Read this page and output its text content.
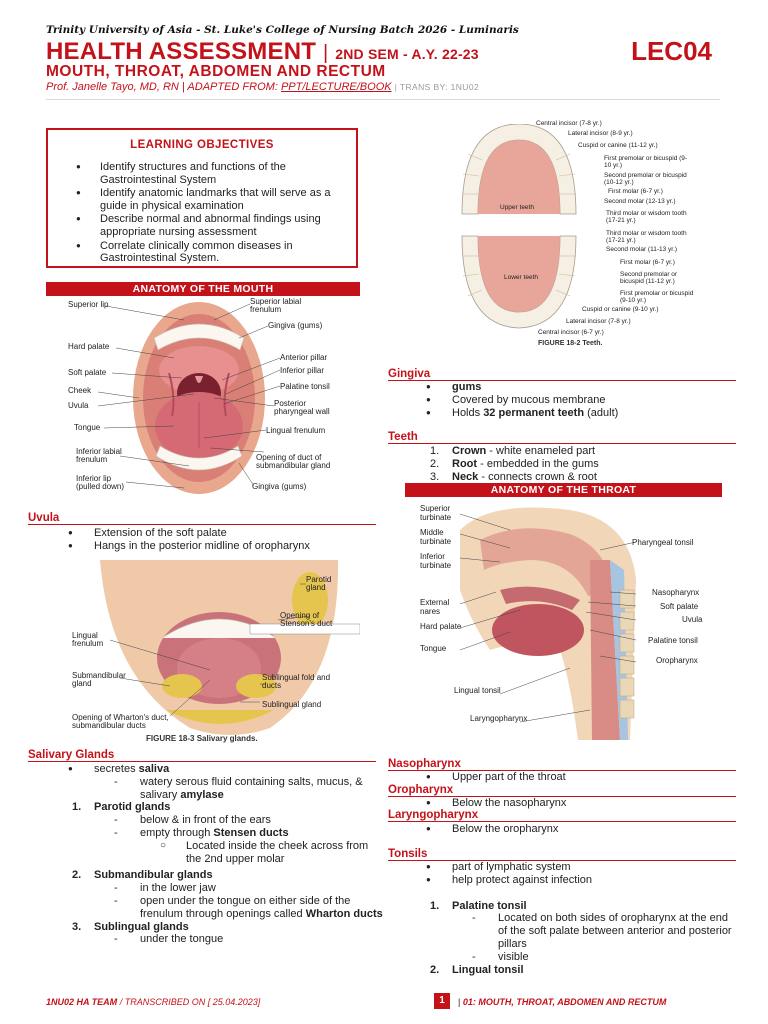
Trinity University of Asia - St. Luke's College of Nursing Batch 2026 - Luminaris
HEALTH ASSESSMENT | 2ND SEM - A.Y. 22-23	LEC04
MOUTH, THROAT, ABDOMEN AND RECTUM
Prof. Janelle Tayo, MD, RN | ADAPTED FROM: PPT/LECTURE/BOOK | TRANS BY: 1NU02
LEARNING OBJECTIVES
● Identify structures and functions of the Gastrointestinal System
● Identify anatomic landmarks that will serve as a guide in physical examination
● Describe normal and abnormal findings using appropriate nursing assessment
● Correlate clinically common diseases in Gastrointestinal System.
ANATOMY OF THE MOUTH
Superior lip
Hard palate
Soft palate
Cheek
Uvula
Tongue
Inferior labial frenulum
Inferior lip (pulled down)
Superior labial frenulum
Gingiva (gums)
Anterior pillar
Inferior pillar
Palatine tonsil
Posterior pharyngeal wall
Lingual frenulum
Opening of duct of submandibular gland
Gingiva (gums)
Uvula
● Extension of the soft palate
● Hangs in the posterior midline of oropharynx
Parotid gland
Opening of Stenson's duct
Lingual frenulum
Submandibular gland
Sublingual fold and ducts
Sublingual gland
Opening of Wharton's duct, submandibular ducts
FIGURE 18-3 Salivary glands.
Salivary Glands
● secretes saliva
- watery serous fluid containing salts, mucus, & salivary amylase
1. Parotid glands
- below & in front of the ears
- empty through Stensen ducts
○ Located inside the cheek across from the 2nd upper molar
2. Submandibular glands
- in the lower jaw
- open under the tongue on either side of the frenulum through openings called Wharton ducts
3. Sublingual glands
- under the tongue
Upper teeth
Lower teeth
Central incisor (7-8 yr.)
Lateral incisor (8-9 yr.)
Cuspid or canine (11-12 yr.)
First premolar or bicuspid (9-10 yr.)
Second premolar or bicuspid (10-12 yr.)
First molar (6-7 yr.)
Second molar (12-13 yr.)
Third molar or wisdom tooth (17-21 yr.)
Third molar or wisdom tooth (17-21 yr.)
Second molar (11-13 yr.)
First molar (6-7 yr.)
Second premolar or bicuspid (11-12 yr.)
First premolar or bicuspid (9-10 yr.)
Cuspid or canine (9-10 yr.)
Lateral incisor (7-8 yr.)
Central incisor (6-7 yr.)
FIGURE 18-2 Teeth.
Gingiva
● gums
● Covered by mucous membrane
● Holds 32 permanent teeth (adult)
Teeth
1. Crown - white enameled part
2. Root - embedded in the gums
3. Neck - connects crown & root
ANATOMY OF THE THROAT
Superior turbinate
Middle turbinate
Inferior turbinate
External nares
Hard palate
Tongue
Lingual tonsil
Laryngopharynx
Pharyngeal tonsil
Nasopharynx
Soft palate
Uvula
Palatine tonsil
Oropharynx
Nasopharynx
● Upper part of the throat
Oropharynx
● Below the nasopharynx
Laryngopharynx
● Below the oropharynx
Tonsils
● part of lymphatic system
● help protect against infection
1. Palatine tonsil
- Located on both sides of oropharynx at the end of the soft palate between anterior and posterior pillars
- visible
2. Lingual tonsil
1NU02 HA TEAM / TRANSCRIBED ON [ 25.04.2023]	1	| 01: MOUTH, THROAT, ABDOMEN AND RECTUM
